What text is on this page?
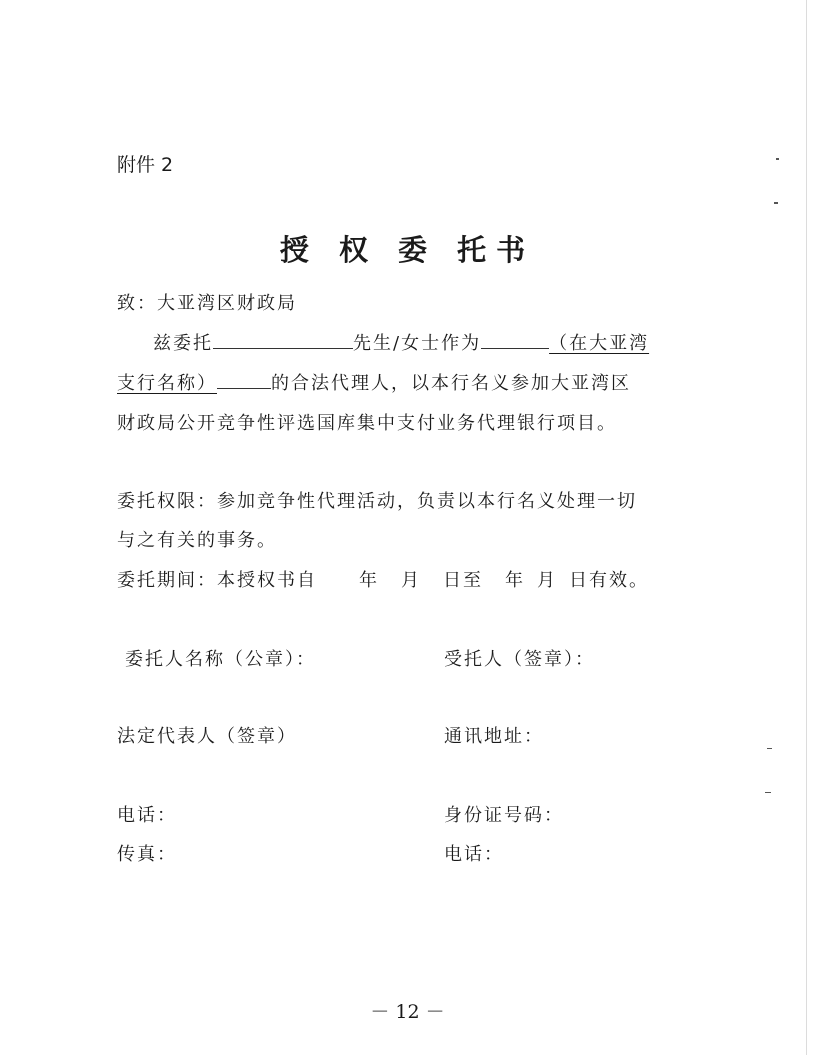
附件 2
授 权 委 托书
致：大亚湾区财政局
兹委托	先生/女士作为	（在大亚湾
支行名称）	的合法代理人，以本行名义参加大亚湾区
财政局公开竞争性评选国库集中支付业务代理银行项目。
委托权限：参加竞争性代理活动，负责以本行名义处理一切
与之有关的事务。
委托期间：本授权书自 年 月 日至 年 月 日有效。
委托人名称（公章）：	受托人（签章）：
法定代表人（签章）	通讯地址：
电话：	身份证号码：
传真：	电话：
－ 12 －
